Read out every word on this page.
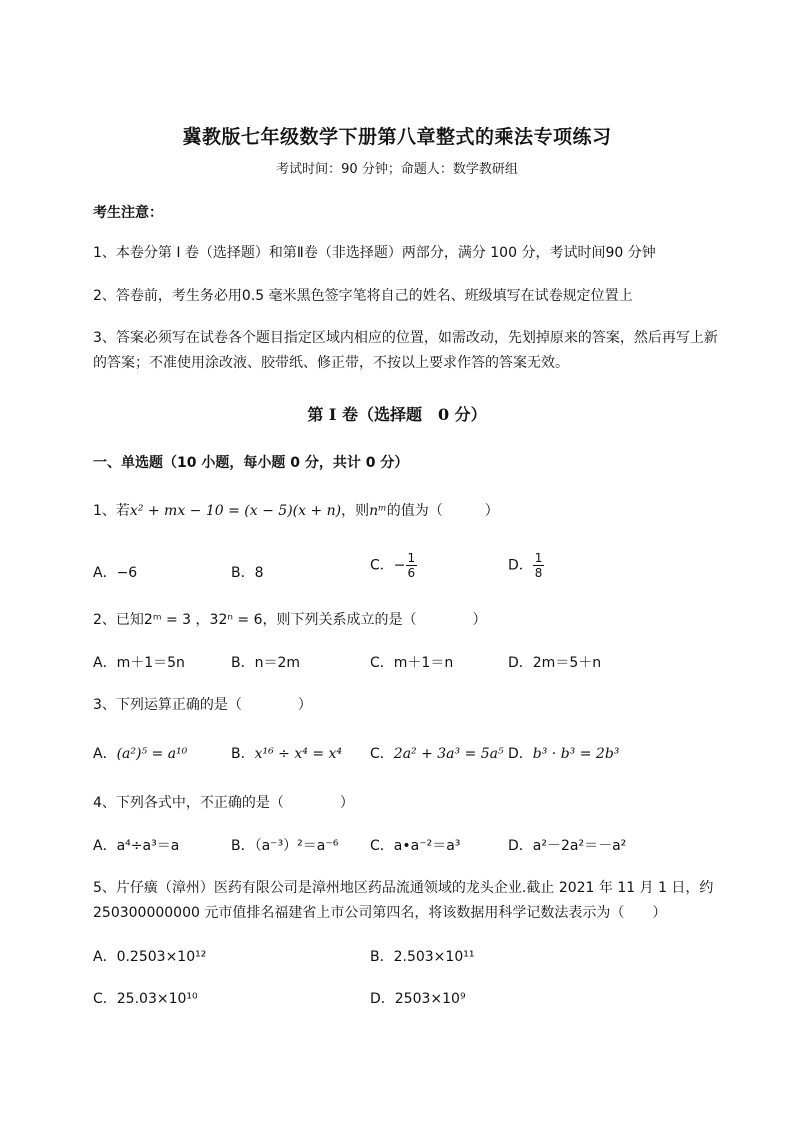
冀教版七年级数学下册第八章整式的乘法专项练习
考试时间：90 分钟；命题人：数学教研组
考生注意：
1、本卷分第 I 卷（选择题）和第Ⅱ卷（非选择题）两部分，满分 100 分，考试时间90 分钟
2、答卷前，考生务必用0.5 毫米黑色签字笔将自己的姓名、班级填写在试卷规定位置上
3、答案必须写在试卷各个题目指定区域内相应的位置，如需改动，先划掉原来的答案，然后再写上新
的答案；不准使用涂改液、胶带纸、修正带，不按以上要求作答的答案无效。
第 I 卷（选择题　0 分）
一、单选题（10 小题，每小题 0 分，共计 0 分）
1、若x² + mx − 10 = (x − 5)(x + n)，则nᵐ的值为（　　　）
A．−6	B．8	C．− $\frac{1}{6}$	D． $\frac{1}{8}$
2、已知2ᵐ = 3 ，32ⁿ = 6，则下列关系成立的是（　　　　）
A．m＋1＝5n	B．n＝2m	C．m＋1＝n	D．2m＝5＋n
3、下列运算正确的是（　　　　）
A．(a²)⁵ = a¹⁰	B．x¹⁶ ÷ x⁴ = x⁴ C．2a² + 3a³ = 5a⁵ D．b³ · b³ = 2b³
4、下列各式中，不正确的是（　　　　）
A．a⁴÷a³＝a	B．（a⁻³）²＝a⁻⁶ C．a•a⁻²＝a³	D．a²－2a²＝－a²
5、片仔癀（漳州）医药有限公司是漳州地区药品流通领域的龙头企业.截止 2021 年 11 月 1 日，约
250300000000 元市值排名福建省上市公司第四名，将该数据用科学记数法表示为（　　）
A．0.2503×10¹²	B．2.503×10¹¹
C．25.03×10¹⁰	D．2503×10⁹
